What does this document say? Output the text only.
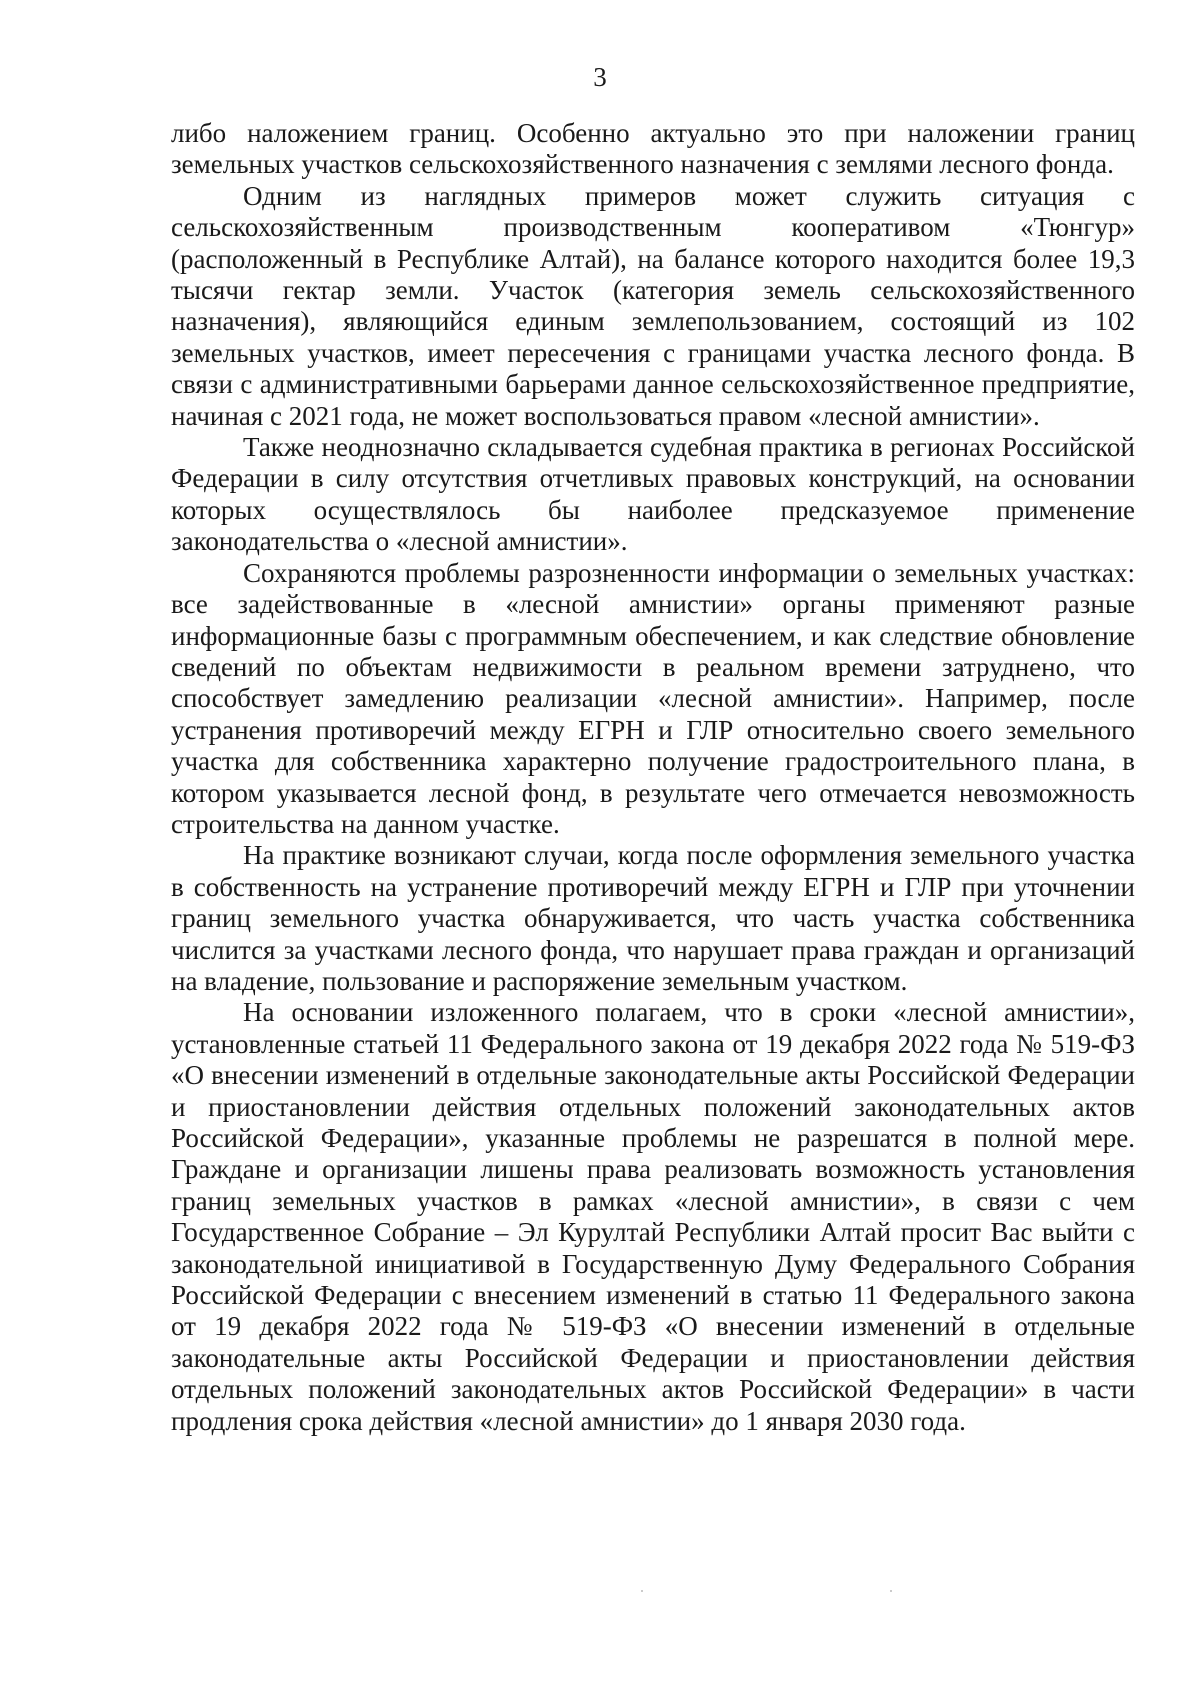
3

либо наложением границ. Особенно актуально это при наложении границ земельных участков сельскохозяйственного назначения с землями лесного фонда.

Одним из наглядных примеров может служить ситуация с сельскохозяйственным производственным кооперативом «Тюнгур» (расположенный в Республике Алтай), на балансе которого находится более 19,3 тысячи гектар земли. Участок (категория земель сельскохозяйственного назначения), являющийся единым землепользованием, состоящий из 102 земельных участков, имеет пересечения с границами участка лесного фонда. В связи с административными барьерами данное сельскохозяйственное предприятие, начиная с 2021 года, не может воспользоваться правом «лесной амнистии».

Также неоднозначно складывается судебная практика в регионах Российской Федерации в силу отсутствия отчетливых правовых конструкций, на основании которых осуществлялось бы наиболее предсказуемое применение законодательства о «лесной амнистии».

Сохраняются проблемы разрозненности информации о земельных участках: все задействованные в «лесной амнистии» органы применяют разные информационные базы с программным обеспечением, и как следствие обновление сведений по объектам недвижимости в реальном времени затруднено, что способствует замедлению реализации «лесной амнистии». Например, после устранения противоречий между ЕГРН и ГЛР относительно своего земельного участка для собственника характерно получение градостроительного плана, в котором указывается лесной фонд, в результате чего отмечается невозможность строительства на данном участке.

На практике возникают случаи, когда после оформления земельного участка в собственность на устранение противоречий между ЕГРН и ГЛР при уточнении границ земельного участка обнаруживается, что часть участка собственника числится за участками лесного фонда, что нарушает права граждан и организаций на владение, пользование и распоряжение земельным участком.

На основании изложенного полагаем, что в сроки «лесной амнистии», установленные статьей 11 Федерального закона от 19 декабря 2022 года № 519-ФЗ «О внесении изменений в отдельные законодательные акты Российской Федерации и приостановлении действия отдельных положений законодательных актов Российской Федерации», указанные проблемы не разрешатся в полной мере. Граждане и организации лишены права реализовать возможность установления границ земельных участков в рамках «лесной амнистии», в связи с чем Государственное Собрание – Эл Курултай Республики Алтай просит Вас выйти с законодательной инициативой в Государственную Думу Федерального Собрания Российской Федерации с внесением изменений в статью 11 Федерального закона от 19 декабря 2022 года № 519-ФЗ «О внесении изменений в отдельные законодательные акты Российской Федерации и приостановлении действия отдельных положений законодательных актов Российской Федерации» в части продления срока действия «лесной амнистии» до 1 января 2030 года.
